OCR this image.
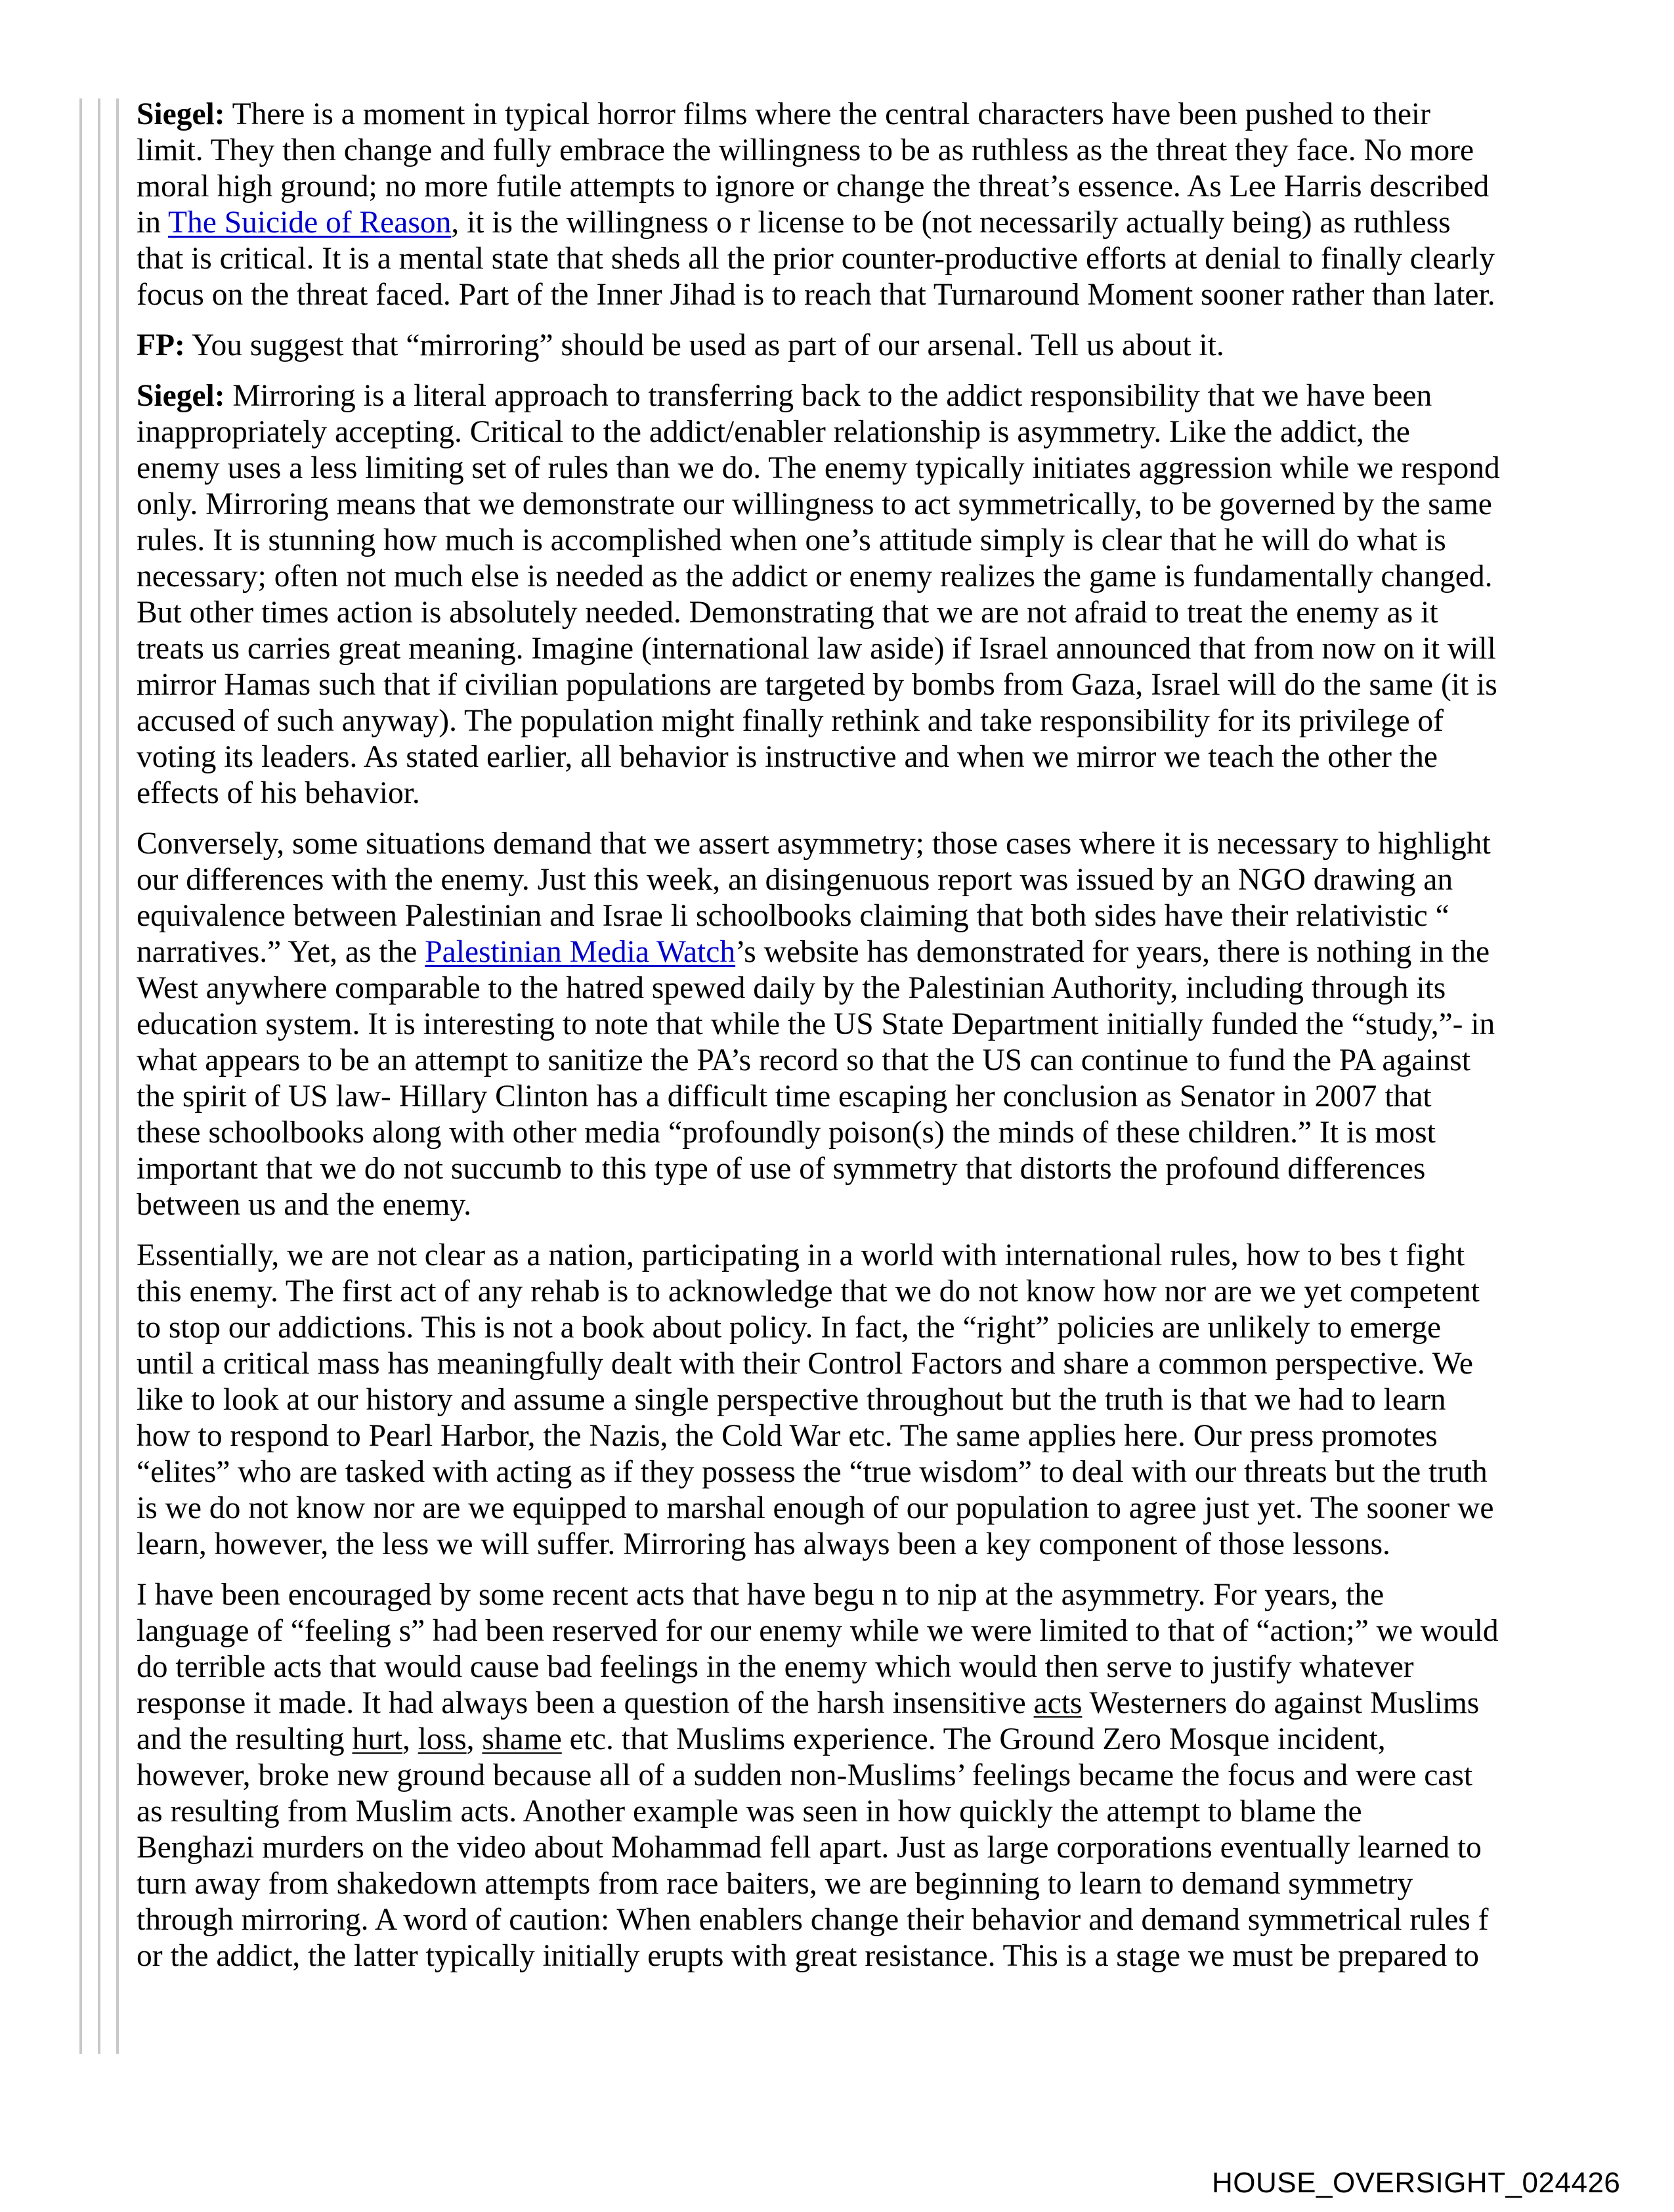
Siegel: There is a moment in typical horror films where the central characters have been pushed to their
limit. They then change and fully embrace the willingness to be as ruthless as the threat they face. No more
moral high ground; no more futile attempts to ignore or change the threat’s essence. As Lee Harris described
in The Suicide of Reason, it is the willingness o r license to be (not necessarily actually being) as ruthless
that is critical. It is a mental state that sheds all the prior counter-productive efforts at denial to finally clearly
focus on the threat faced. Part of the Inner Jihad is to reach that Turnaround Moment sooner rather than later.
FP: You suggest that “mirroring” should be used as part of our arsenal. Tell us about it.
Siegel: Mirroring is a literal approach to transferring back to the addict responsibility that we have been
inappropriately accepting. Critical to the addict/enabler relationship is asymmetry. Like the addict, the
enemy uses a less limiting set of rules than we do. The enemy typically initiates aggression while we respond
only. Mirroring means that we demonstrate our willingness to act symmetrically, to be governed by the same
rules. It is stunning how much is accomplished when one’s attitude simply is clear that he will do what is
necessary; often not much else is needed as the addict or enemy realizes the game is fundamentally changed.
But other times action is absolutely needed. Demonstrating that we are not afraid to treat the enemy as it
treats us carries great meaning. Imagine (international law aside) if Israel announced that from now on it will
mirror Hamas such that if civilian populations are targeted by bombs from Gaza, Israel will do the same (it is
accused of such anyway). The population might finally rethink and take responsibility for its privilege of
voting its leaders. As stated earlier, all behavior is instructive and when we mirror we teach the other the
effects of his behavior.
Conversely, some situations demand that we assert asymmetry; those cases where it is necessary to highlight
our differences with the enemy. Just this week, an disingenuous report was issued by an NGO drawing an
equivalence between Palestinian and Israe li schoolbooks claiming that both sides have their relativistic “
narratives.” Yet, as the Palestinian Media Watch’s website has demonstrated for years, there is nothing in the
West anywhere comparable to the hatred spewed daily by the Palestinian Authority, including through its
education system. It is interesting to note that while the US State Department initially funded the “study,”- in
what appears to be an attempt to sanitize the PA’s record so that the US can continue to fund the PA against
the spirit of US law- Hillary Clinton has a difficult time escaping her conclusion as Senator in 2007 that
these schoolbooks along with other media “profoundly poison(s) the minds of these children.” It is most
important that we do not succumb to this type of use of symmetry that distorts the profound differences
between us and the enemy.
Essentially, we are not clear as a nation, participating in a world with international rules, how to bes t fight
this enemy. The first act of any rehab is to acknowledge that we do not know how nor are we yet competent
to stop our addictions. This is not a book about policy. In fact, the “right” policies are unlikely to emerge
until a critical mass has meaningfully dealt with their Control Factors and share a common perspective. We
like to look at our history and assume a single perspective throughout but the truth is that we had to learn
how to respond to Pearl Harbor, the Nazis, the Cold War etc. The same applies here. Our press promotes
“elites” who are tasked with acting as if they possess the “true wisdom” to deal with our threats but the truth
is we do not know nor are we equipped to marshal enough of our population to agree just yet. The sooner we
learn, however, the less we will suffer. Mirroring has always been a key component of those lessons.
I have been encouraged by some recent acts that have begu n to nip at the asymmetry. For years, the
language of “feeling s” had been reserved for our enemy while we were limited to that of “action;” we would
do terrible acts that would cause bad feelings in the enemy which would then serve to justify whatever
response it made. It had always been a question of the harsh insensitive acts Westerners do against Muslims
and the resulting hurt, loss, shame etc. that Muslims experience. The Ground Zero Mosque incident,
however, broke new ground because all of a sudden non-Muslims’ feelings became the focus and were cast
as resulting from Muslim acts. Another example was seen in how quickly the attempt to blame the
Benghazi murders on the video about Mohammad fell apart. Just as large corporations eventually learned to
turn away from shakedown attempts from race baiters, we are beginning to learn to demand symmetry
through mirroring. A word of caution: When enablers change their behavior and demand symmetrical rules f
or the addict, the latter typically initially erupts with great resistance. This is a stage we must be prepared to
HOUSE_OVERSIGHT_024426
